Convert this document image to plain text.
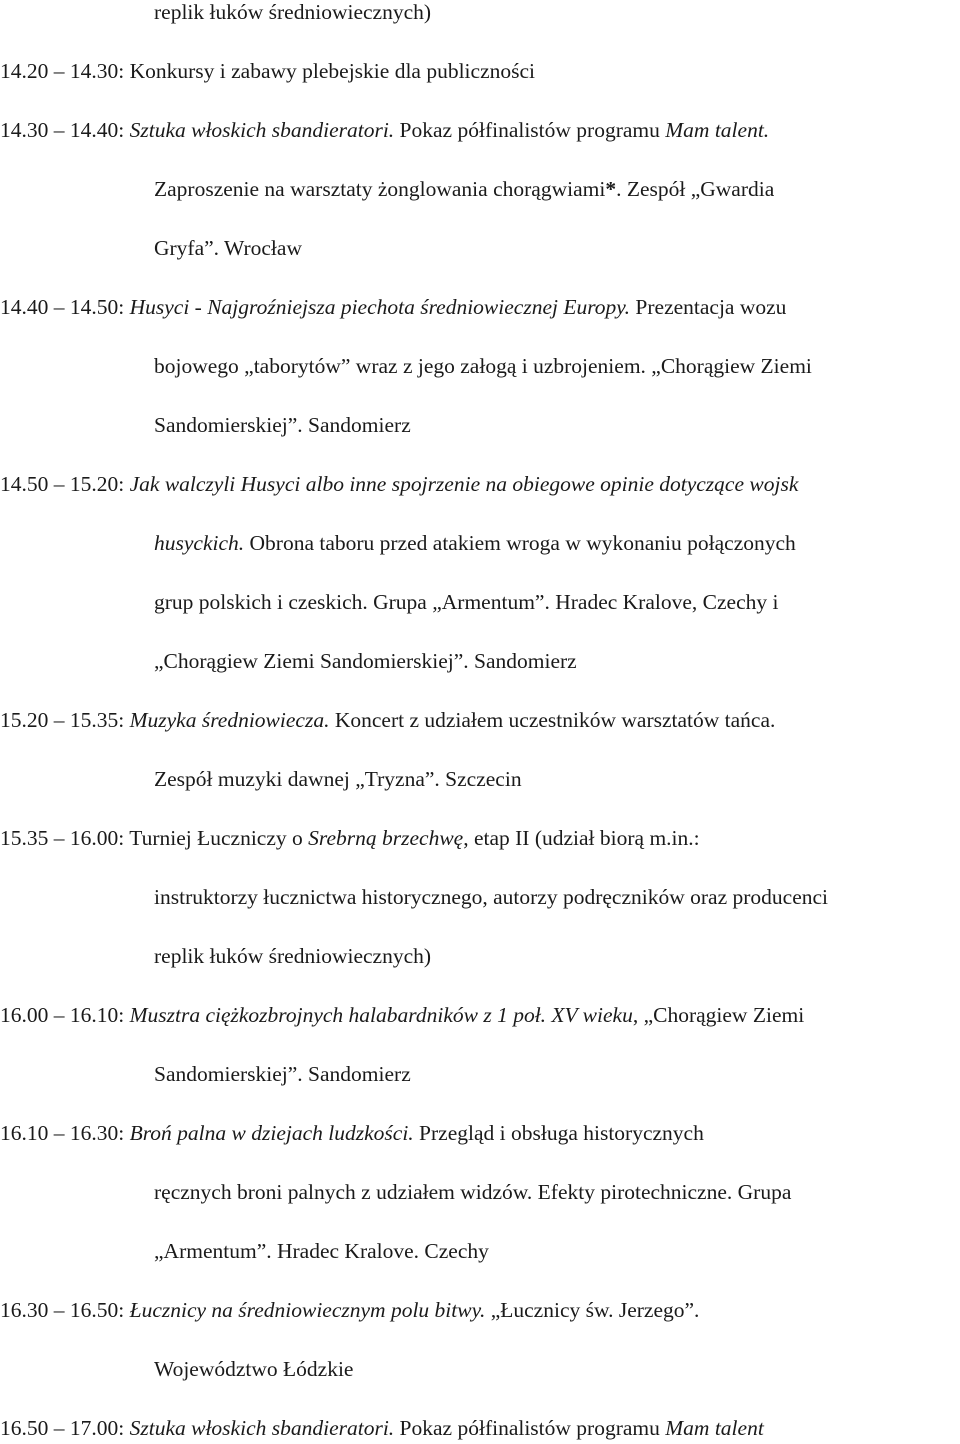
replik łuków średniowiecznych)
14.20 – 14.30: Konkursy i zabawy plebejskie dla publiczności
14.30 – 14.40: Sztuka włoskich sbandieratori. Pokaz półfinalistów programu Mam talent.
Zaproszenie na warsztaty żonglowania chorągwiami*. Zespół „Gwardia
Gryfa”. Wrocław
14.40 – 14.50: Husyci - Najgroźniejsza piechota średniowiecznej Europy. Prezentacja wozu
bojowego „taborytów” wraz z jego załogą i uzbrojeniem. „Chorągiew Ziemi
Sandomierskiej”. Sandomierz
14.50 – 15.20: Jak walczyli Husyci albo inne spojrzenie na obiegowe opinie dotyczące wojsk
husyckich. Obrona taboru przed atakiem wroga w wykonaniu połączonych
grup polskich i czeskich. Grupa „Armentum”. Hradec Kralove, Czechy i
„Chorągiew Ziemi Sandomierskiej”. Sandomierz
15.20 – 15.35: Muzyka średniowiecza. Koncert z udziałem uczestników warsztatów tańca.
Zespół muzyki dawnej „Tryzna”. Szczecin
15.35 – 16.00: Turniej Łuczniczy o Srebrną brzechwę, etap II (udział biorą m.in.:
instruktorzy łucznictwa historycznego, autorzy podręczników oraz producenci
replik łuków średniowiecznych)
16.00 – 16.10: Musztra ciężkozbrojnych halabardników z 1 poł. XV wieku, „Chorągiew Ziemi
Sandomierskiej”. Sandomierz
16.10 – 16.30: Broń palna w dziejach ludzkości. Przegląd i obsługa historycznych
ręcznych broni palnych z udziałem widzów. Efekty pirotechniczne. Grupa
„Armentum”. Hradec Kralove. Czechy
16.30 – 16.50: Łucznicy na średniowiecznym polu bitwy. „Łucznicy św. Jerzego”.
Województwo Łódzkie
16.50 – 17.00: Sztuka włoskich sbandieratori. Pokaz półfinalistów programu Mam talent
